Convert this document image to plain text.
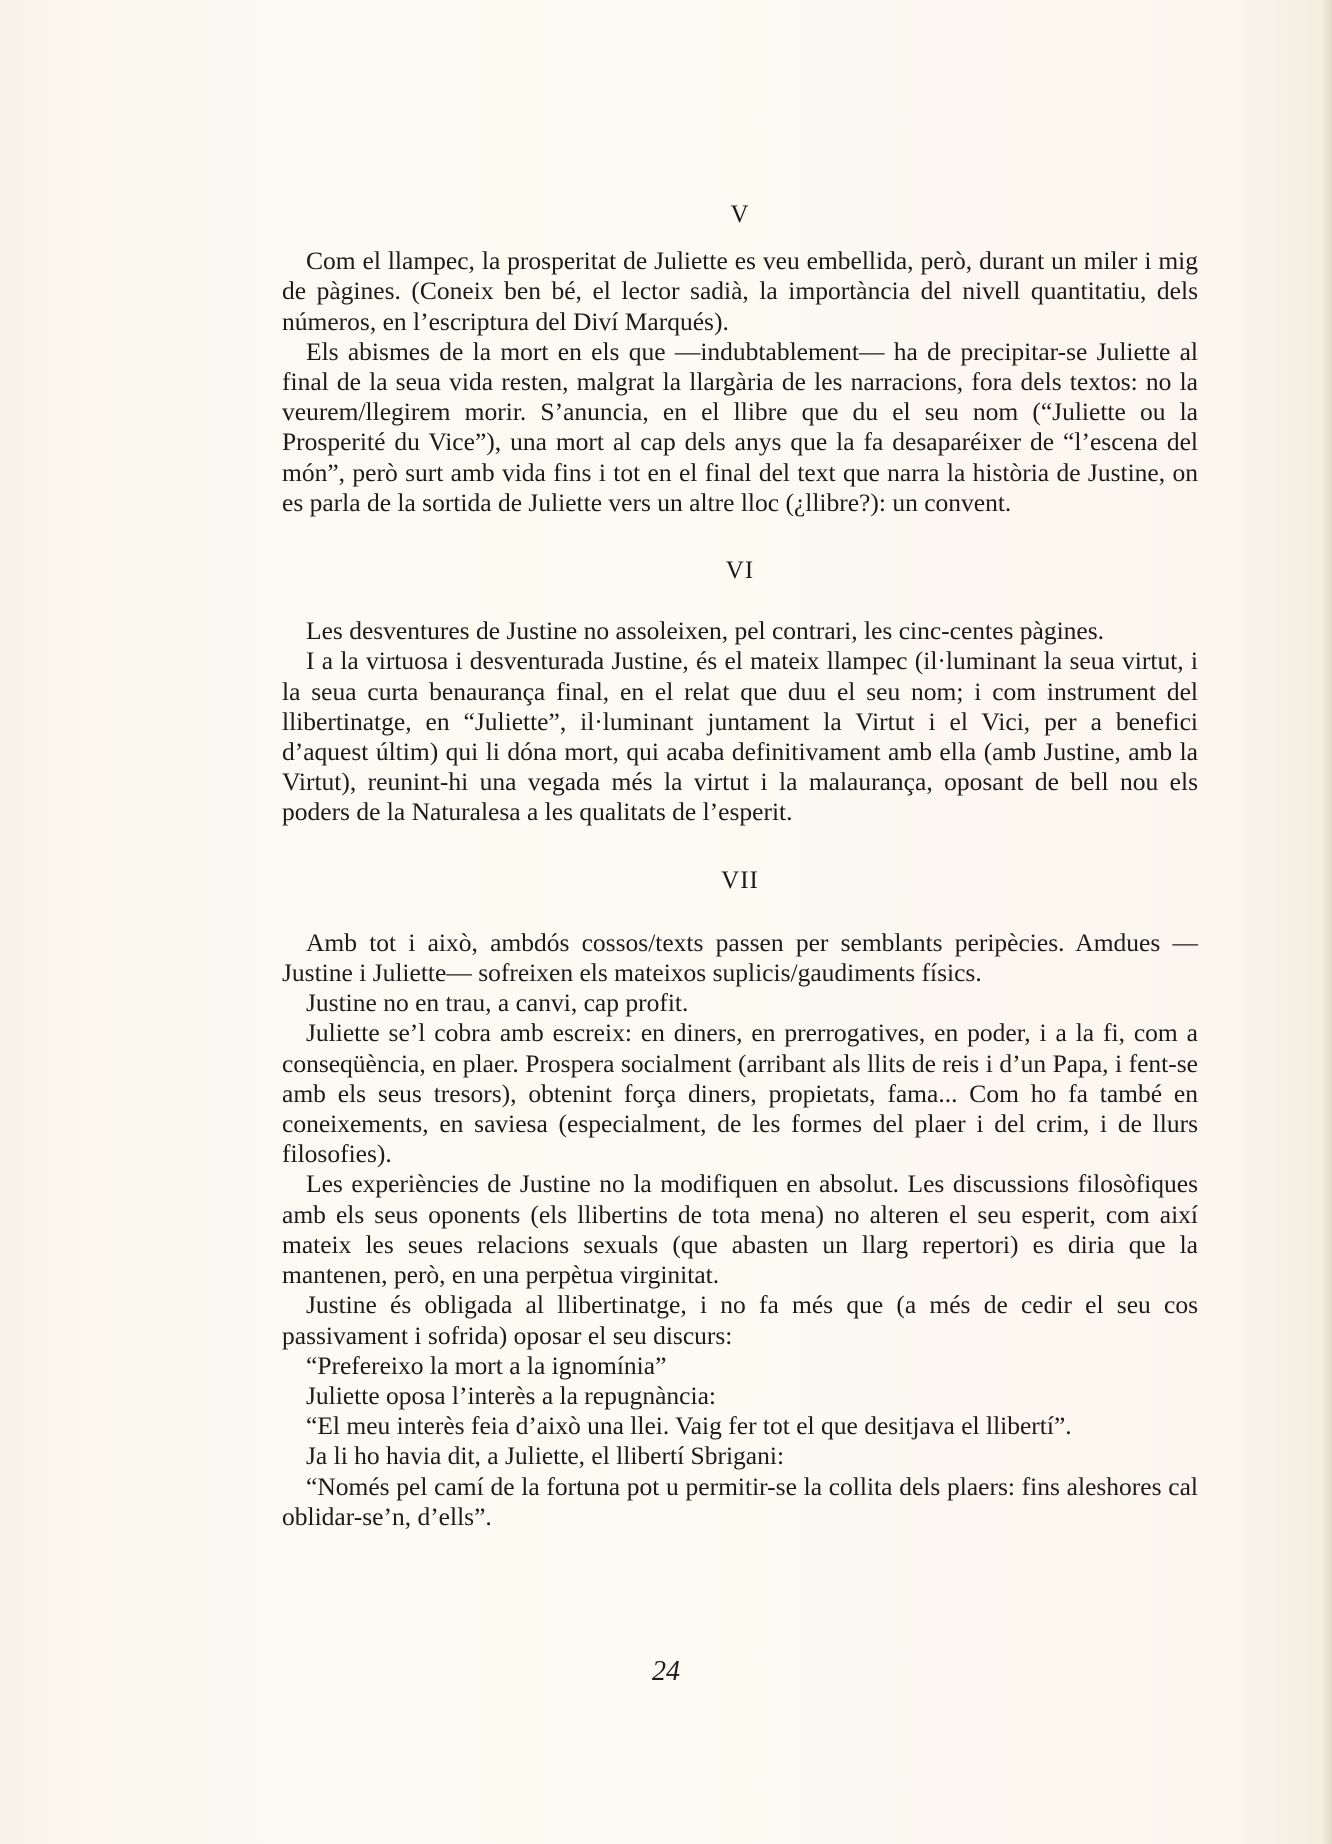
V

Com el llampec, la prosperitat de Juliette es veu embellida, però, durant un miler i mig de pàgines. (Coneix ben bé, el lector sadià, la importància del nivell quantitatiu, dels números, en l’escriptura del Diví Marqués).

Els abismes de la mort en els que —indubtablement— ha de precipitar-se Juliette al final de la seua vida resten, malgrat la llargària de les narracions, fora dels textos: no la veurem/llegirem morir. S’anuncia, en el llibre que du el seu nom (“Juliette ou la Prosperité du Vice”), una mort al cap dels anys que la fa desaparéixer de “l’escena del món”, però surt amb vida fins i tot en el final del text que narra la història de Justine, on es parla de la sortida de Juliette vers un altre lloc (¿llibre?): un convent.

VI

Les desventures de Justine no assoleixen, pel contrari, les cinc-centes pàgines.

I a la virtuosa i desventurada Justine, és el mateix llampec (il·luminant la seua virtut, i la seua curta benaurança final, en el relat que duu el seu nom; i com instrument del llibertinatge, en “Juliette”, il·luminant juntament la Virtut i el Vici, per a benefici d’aquest últim) qui li dóna mort, qui acaba definitivament amb ella (amb Justine, amb la Virtut), reunint-hi una vegada més la virtut i la malaurança, oposant de bell nou els poders de la Naturalesa a les qualitats de l’esperit.

VII

Amb tot i això, ambdós cossos/texts passen per semblants peripècies. Amdues —Justine i Juliette— sofreixen els mateixos suplicis/gaudiments físics.

Justine no en trau, a canvi, cap profit.

Juliette se’l cobra amb escreix: en diners, en prerrogatives, en poder, i a la fi, com a conseqüència, en plaer. Prospera socialment (arribant als llits de reis i d’un Papa, i fent-se amb els seus tresors), obtenint força diners, propietats, fama... Com ho fa també en coneixements, en saviesa (especialment, de les formes del plaer i del crim, i de llurs filosofies).

Les experiències de Justine no la modifiquen en absolut. Les discussions filosòfiques amb els seus oponents (els llibertins de tota mena) no alteren el seu esperit, com així mateix les seues relacions sexuals (que abasten un llarg repertori) es diria que la mantenen, però, en una perpètua virginitat.

Justine és obligada al llibertinatge, i no fa més que (a més de cedir el seu cos passivament i sofrida) oposar el seu discurs:

“Prefereixo la mort a la ignomínia”

Juliette oposa l’interès a la repugnància:

“El meu interès feia d’això una llei. Vaig fer tot el que desitjava el llibertí”.

Ja li ho havia dit, a Juliette, el llibertí Sbrigani:

“Només pel camí de la fortuna pot u permitir-se la collita dels plaers: fins aleshores cal oblidar-se’n, d’ells”.

24
